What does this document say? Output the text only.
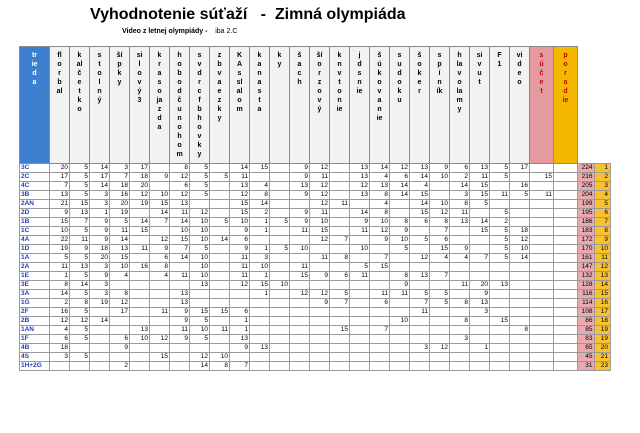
Vyhodnotenie súťaží   -  Zimná olympiáda
Video z letnej olympiády - iba 2.C
trieda	florbal	kalčetko	stolný	šípky	silový3	krasojazda	hobodčunohom	svdrcfbhovky	zbvaezky	KAsslalom	kanasta	ky	šach	šíorzový	knvtonie	jdsnie	šúkovanie	sudoku	šoker	spíník	hlavolamy	sivut	F1	video	súčet	poradie		

3C	20	5	14	3	17		8	5		14	15		9	12		13	14	12	13	9	6	13	5	17			224	1
2C	17	5	17	7	18	9	12	5	5	11			9	11		13	4	6	14	10	2	11	5		15		216	2
4C	7	5	14	18	20		6	5		13	4		13	12		12	13	14	4		14	15		16			205	3
3B	13	5	3	16	12	10	12	5		12	8		9	12		13	8	14	15		3	15	11	5	11		204	4
2AN	21	15	3	20	19	15	13			15	14			12	11		4		14	10	8	5					199	5
2D	9	13	1	19		14	11	12		15	2		9	11		14	8		15	12	11		5				195	6
1B	15	7	9	5	14	7	14	10	5	10	1	5	9	10		9	10	8	6	8	13	14	2				186	7
1C	10	5	9	11	15		10	10		9	1		11	15		11	12	9		7		15	5	18			183	8
4A	22	11	9	14		12	15	10	14	6				12	7		9	10	5	6			5	12			172	9
1D	19	9	18	13	11	9	7	5		9	1	5	10			10		5		15	9		5	10			170	10
1A	5	5	20	15		6	14	10		11	3			11	8		7		12	4	4	7	5	14			161	11
2A	11	13	3	10	16	8		10		11	10		11			5	15										147	12
1E	1	5	9	4		4	11	10		11	1		15	9	6	11		8	13	7							132	13
3E	8	14	3					13		12	15	10						9			11	20	13				128	14
3A	14	5	3	8			13				1		12	12	5		11	11	5	5		9					116	15
1G	2	8	19	12			13							9	7		6		7	5	8	13					114	16
2F	16	5		17		11	9	15	15	6									11			3					108	17
2B	12	12	14				9	5		1								10			8		15				86	18
1AN	4	5			13		11	10	11	1					15		7							8			85	19
1F	6	5		6	10	12	9	5		13											3						83	19
4B	18			9						9	13								3	12		1					65	20
4S	3	5				15		12	10																		45	21
1H+2G				2				14	8	7																	31	23
